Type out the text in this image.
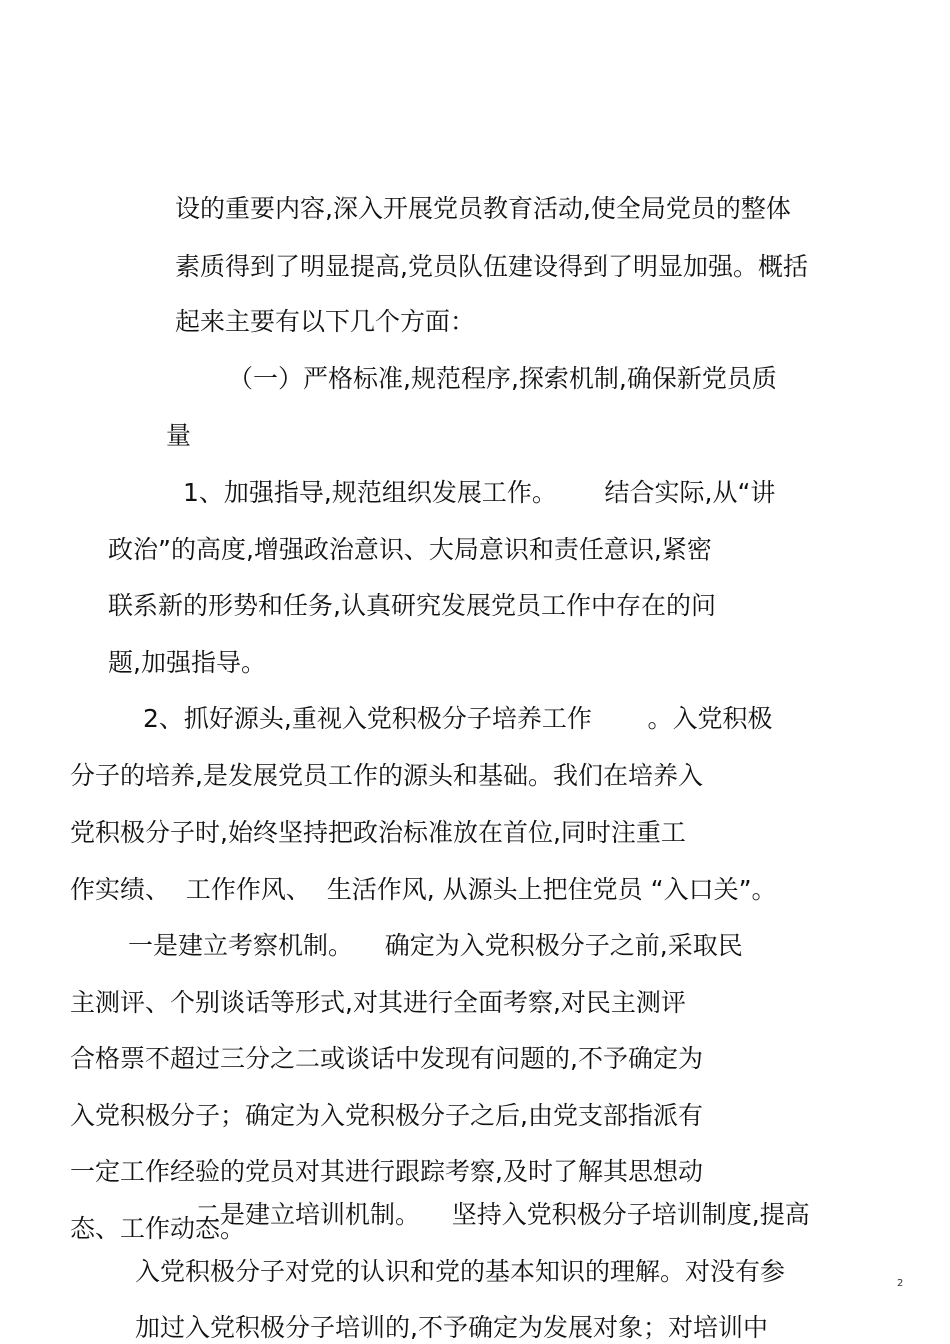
设的重要内容,深入开展党员教育活动,使全局党员的整体
素质得到了明显提高,党员队伍建设得到了明显加强。概括
起来主要有以下几个方面：
（一）严格标准,规范程序,探索机制,确保新党员质
量
1、加强指导,规范组织发展工作。      结合实际,从“讲
政治”的高度,增强政治意识、大局意识和责任意识,紧密
联系新的形势和任务,认真研究发展党员工作中存在的问
题,加强指导。
2、抓好源头,重视入党积极分子培养工作       。入党积极
分子的培养,是发展党员工作的源头和基础。我们在培养入
党积极分子时,始终坚持把政治标准放在首位,同时注重工
作实绩、  工作作风、  生活作风, 从源头上把住党员 “入口关”。
一是建立考察机制。    确定为入党积极分子之前,采取民
主测评、个别谈话等形式,对其进行全面考察,对民主测评
合格票不超过三分之二或谈话中发现有问题的,不予确定为
入党积极分子；确定为入党积极分子之后,由党支部指派有
一定工作经验的党员对其进行跟踪考察,及时了解其思想动
态、工作动态。
二是建立培训机制。    坚持入党积极分子培训制度,提高
入党积极分子对党的认识和党的基本知识的理解。对没有参
加过入党积极分子培训的,不予确定为发展对象；对培训中
2
